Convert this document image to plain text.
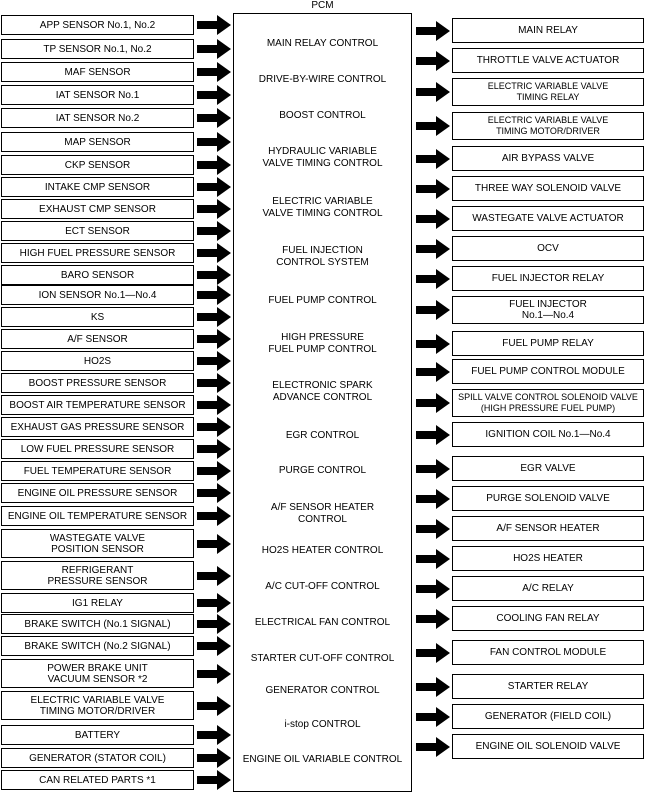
PCM
APP SENSOR No.1, No.2
TP SENSOR No.1, No.2
MAF SENSOR
IAT SENSOR No.1
IAT SENSOR No.2
MAP SENSOR
CKP SENSOR
INTAKE CMP SENSOR
EXHAUST CMP SENSOR
ECT SENSOR
HIGH FUEL PRESSURE SENSOR
BARO SENSOR
ION SENSOR No.1—No.4
KS
A/F SENSOR
HO2S
BOOST PRESSURE SENSOR
BOOST AIR TEMPERATURE SENSOR
EXHAUST GAS PRESSURE SENSOR
LOW FUEL PRESSURE SENSOR
FUEL TEMPERATURE SENSOR
ENGINE OIL PRESSURE SENSOR
ENGINE OIL TEMPERATURE SENSOR
WASTEGATE VALVE
POSITION SENSOR
REFRIGERANT
PRESSURE SENSOR
IG1 RELAY
BRAKE SWITCH (No.1 SIGNAL)
BRAKE SWITCH (No.2 SIGNAL)
POWER BRAKE UNIT
VACUUM SENSOR *2
ELECTRIC VARIABLE VALVE
TIMING MOTOR/DRIVER
BATTERY
GENERATOR (STATOR COIL)
CAN RELATED PARTS *1
MAIN RELAY CONTROL
DRIVE-BY-WIRE CONTROL
BOOST CONTROL
HYDRAULIC VARIABLE
VALVE TIMING CONTROL
ELECTRIC VARIABLE
VALVE TIMING CONTROL
FUEL INJECTION
CONTROL SYSTEM
FUEL PUMP CONTROL
HIGH PRESSURE
FUEL PUMP CONTROL
ELECTRONIC SPARK
ADVANCE CONTROL
EGR CONTROL
PURGE CONTROL
A/F SENSOR HEATER
CONTROL
HO2S HEATER CONTROL
A/C CUT-OFF CONTROL
ELECTRICAL FAN CONTROL
STARTER CUT-OFF CONTROL
GENERATOR CONTROL
i-stop CONTROL
ENGINE OIL VARIABLE CONTROL
MAIN RELAY
THROTTLE VALVE ACTUATOR
ELECTRIC VARIABLE VALVE
TIMING RELAY
ELECTRIC VARIABLE VALVE
TIMING MOTOR/DRIVER
AIR BYPASS VALVE
THREE WAY SOLENOID VALVE
WASTEGATE VALVE ACTUATOR
OCV
FUEL INJECTOR RELAY
FUEL INJECTOR
No.1—No.4
FUEL PUMP RELAY
FUEL PUMP CONTROL MODULE
SPILL VALVE CONTROL SOLENOID VALVE
(HIGH PRESSURE FUEL PUMP)
IGNITION COIL No.1—No.4
EGR VALVE
PURGE SOLENOID VALVE
A/F SENSOR HEATER
HO2S HEATER
A/C RELAY
COOLING FAN RELAY
FAN CONTROL MODULE
STARTER RELAY
GENERATOR (FIELD COIL)
ENGINE OIL SOLENOID VALVE
